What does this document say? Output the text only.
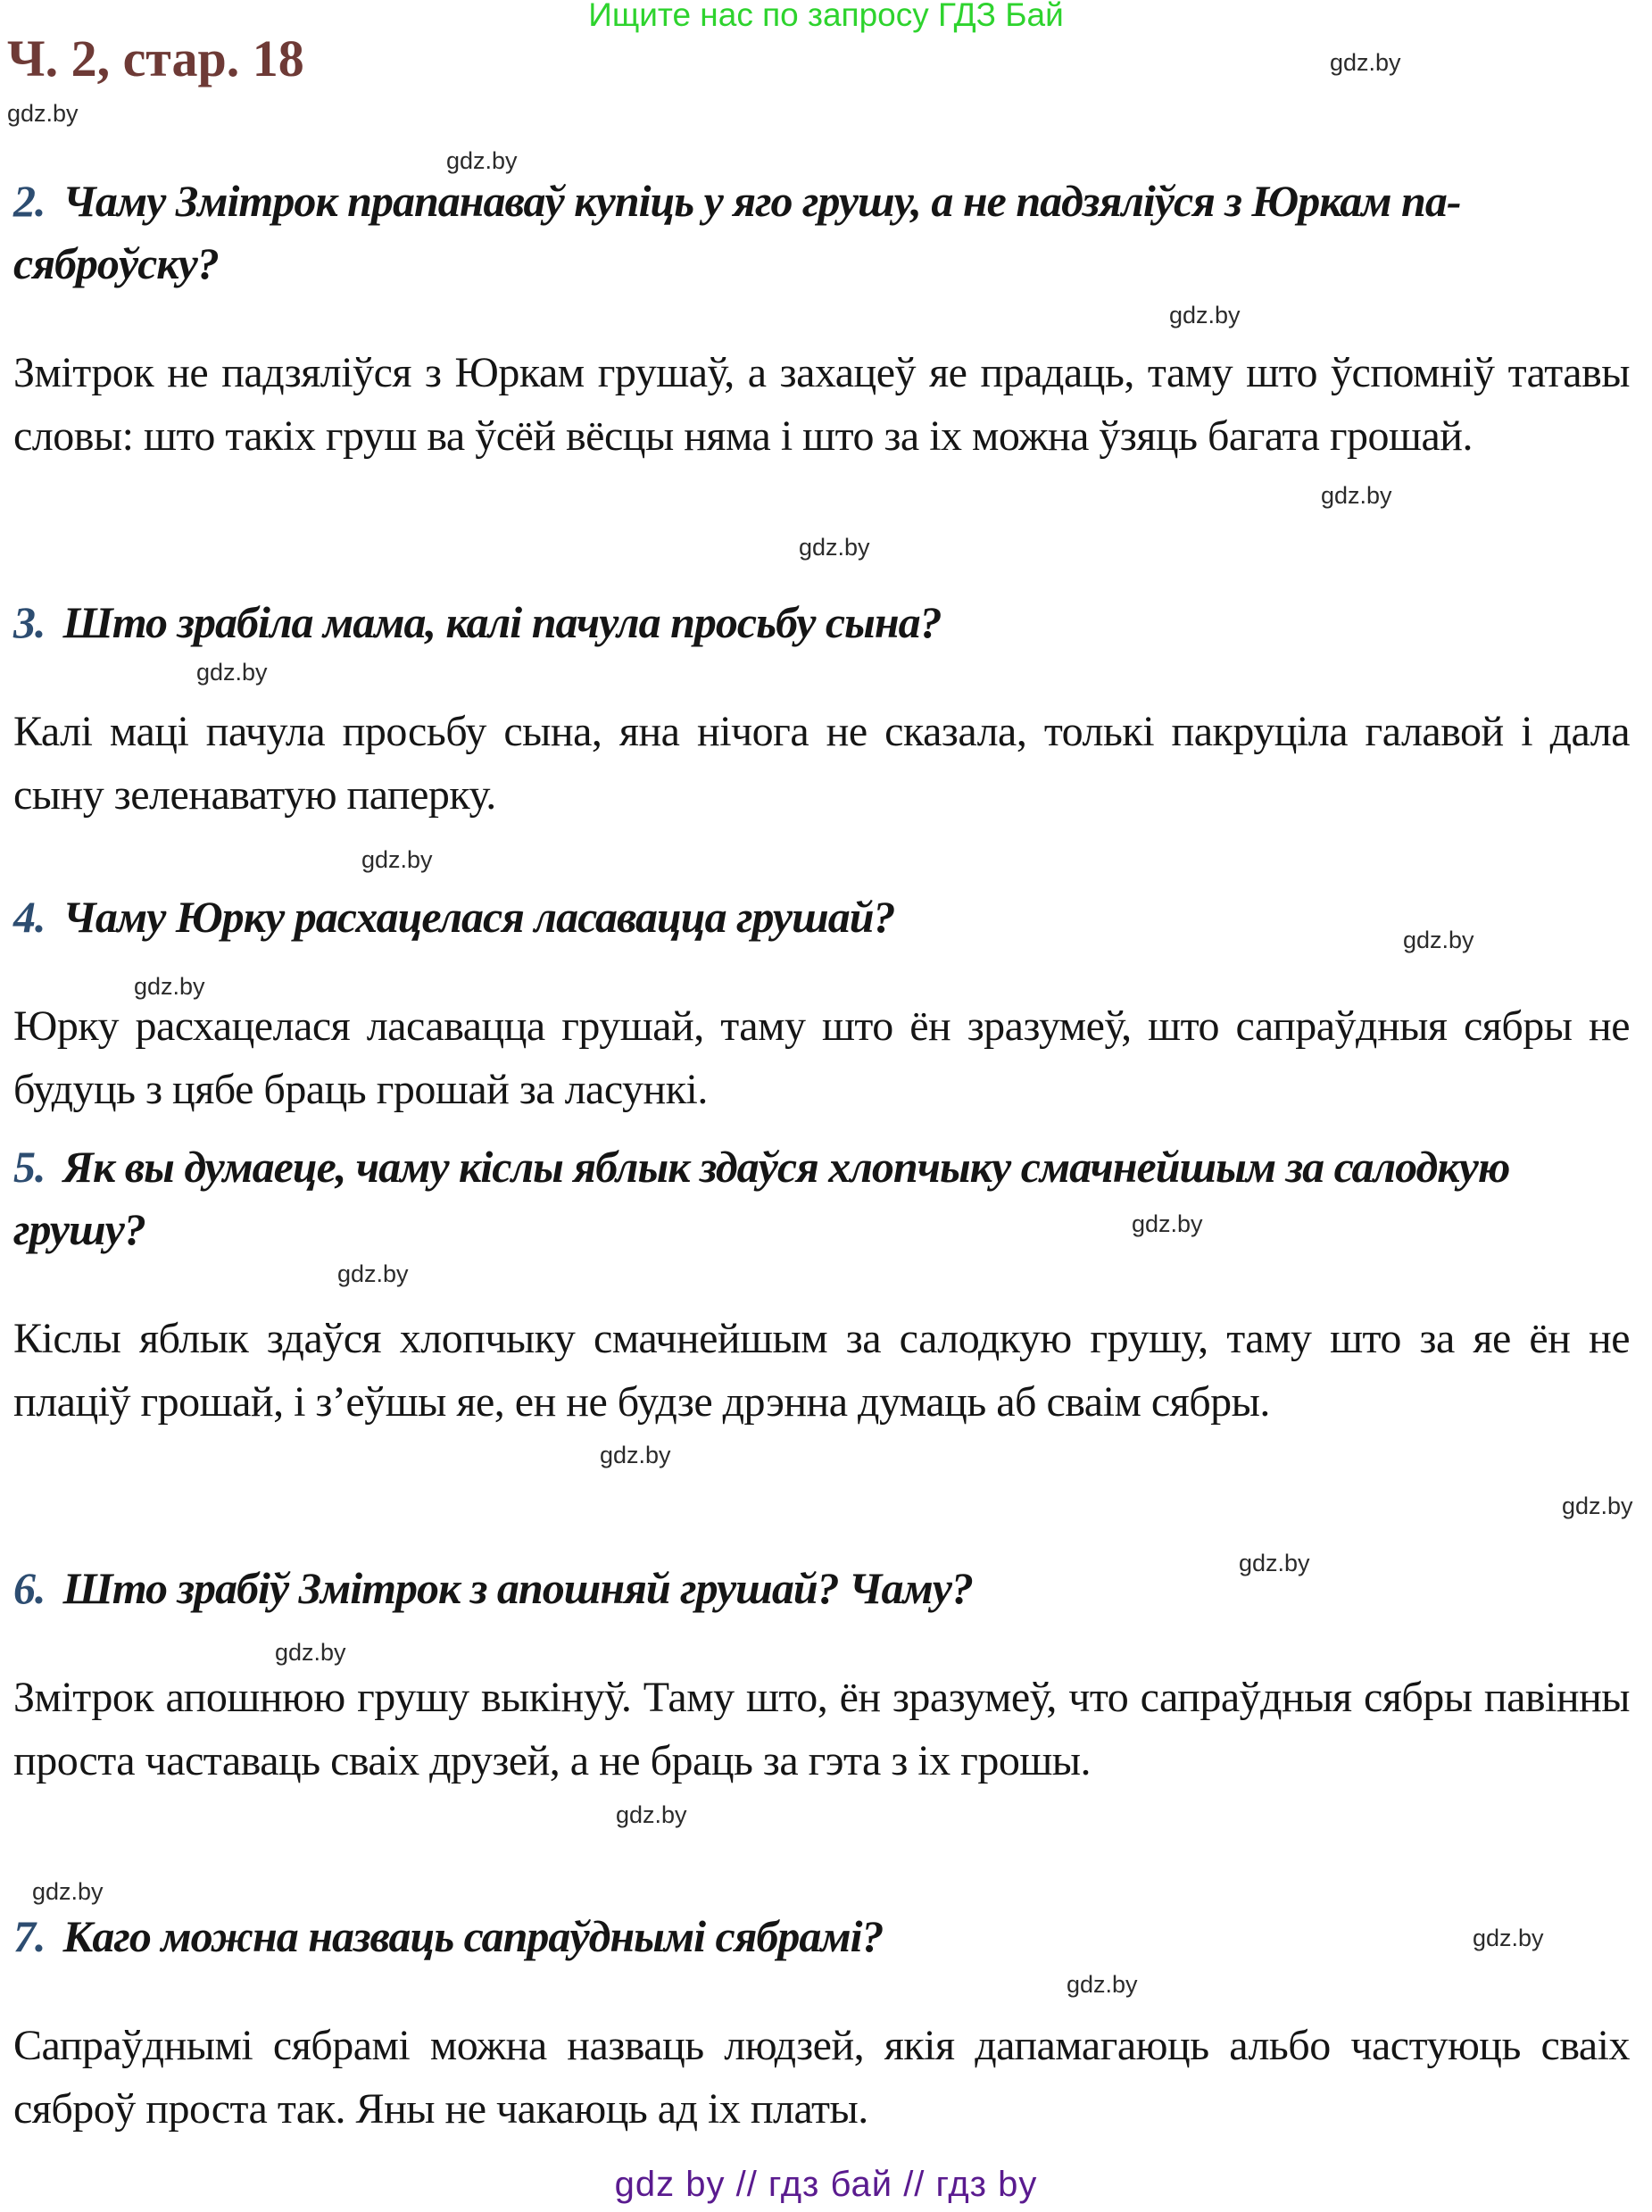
Ищите нас по запросу ГДЗ Бай
Ч. 2, стар. 18

2. Чаму Змітрок прапанаваў купіць у яго грушу, а не падзяліўся з Юркам па-сяброўску?

Змітрок не падзяліўся з Юркам грушаў, а захацеў яе прадаць, таму што ўспомніў татавы словы: што такіх груш ва ўсёй вёсцы няма і што за іх можна ўзяць багата грошай.

3. Што зрабіла мама, калі пачула просьбу сына?

Калі маці пачула просьбу сына, яна нічога не сказала, толькі пакруціла галавой і дала сыну зеленаватую паперку.

4. Чаму Юрку расхацелася ласавацца грушай?

Юрку расхацелася ласавацца грушай, таму што ён зразумеў, што сапраўдныя сябры не будуць з цябе браць грошай за ласункі.

5. Як вы думаеце, чаму кіслы яблык здаўся хлопчыку смачнейшым за салодкую грушу?

Кіслы яблык здаўся хлопчыку смачнейшым за салодкую грушу, таму што за яе ён не плаціў грошай, і з’еўшы яе, ен не будзе дрэнна думаць аб сваім сябры.

6. Што зрабіў Змітрок з апошняй грушай? Чаму?

Змітрок апошнюю грушу выкінуў. Таму што, ён зразумеў, что сапраўдныя сябры павінны проста частаваць сваіх друзей, а не браць за гэта з іх грошы.

7. Каго можна назваць сапраўднымі сябрамі?

Сапраўднымі сябрамі можна назваць людзей, якія дапамагаюць альбо частуюць сваіх сяброў проста так. Яны не чакаюць ад іх платы.

gdz.by
gdz.by
gdz.by
gdz.by
gdz.by
gdz.by
gdz.by
gdz.by
gdz.by
gdz.by
gdz.by
gdz.by
gdz.by
gdz.by
gdz.by
gdz.by
gdz.by
gdz.by
gdz.by
gdz.by
gdz by // гдз бай // гдз by
